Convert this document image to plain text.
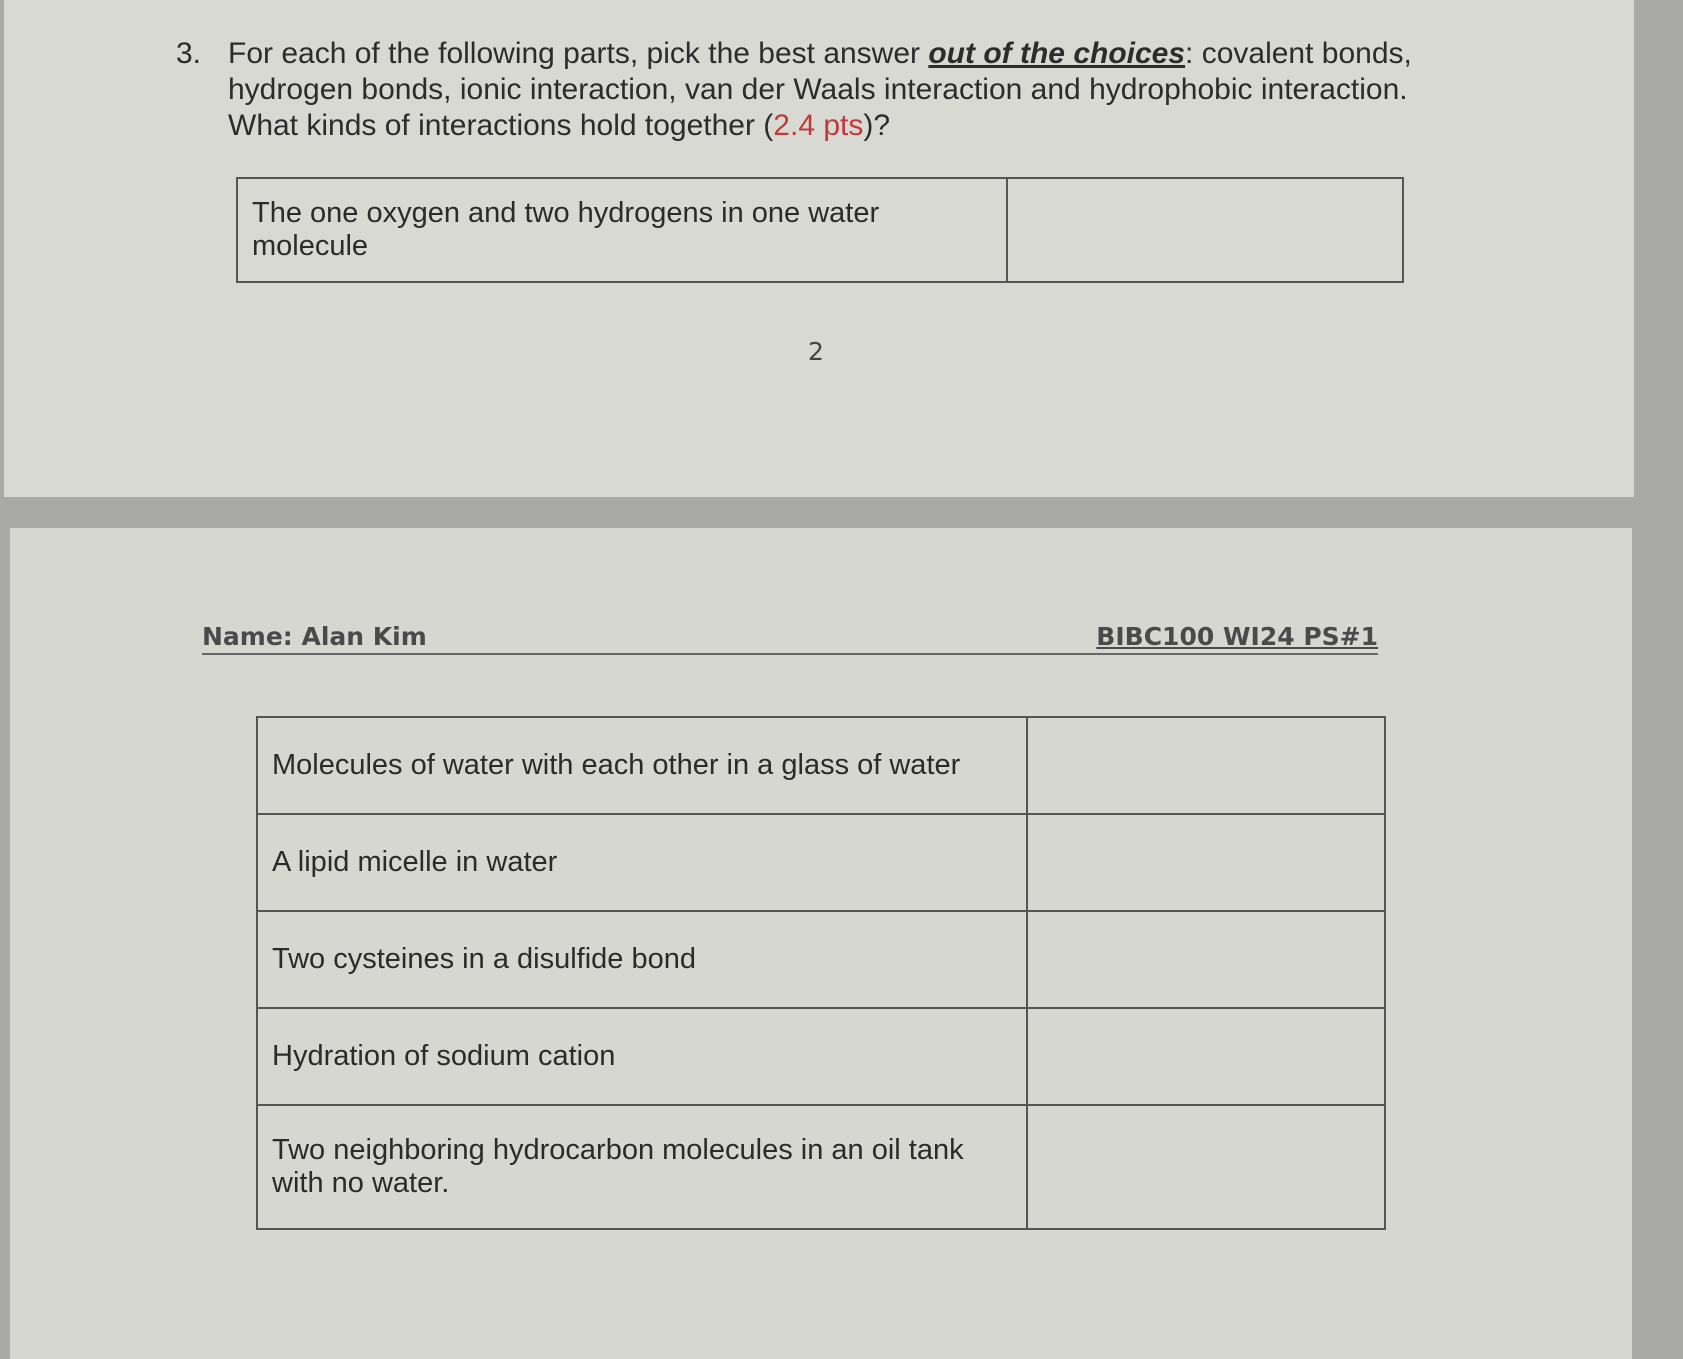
3. For each of the following parts, pick the best answer out of the choices: covalent bonds, hydrogen bonds, ionic interaction, van der Waals interaction and hydrophobic interaction. What kinds of interactions hold together (2.4 pts)?
The one oxygen and two hydrogens in one water molecule	
2
Name: Alan Kim	BIBC100 WI24 PS#1
Molecules of water with each other in a glass of water	
A lipid micelle in water	
Two cysteines in a disulfide bond	
Hydration of sodium cation	
Two neighboring hydrocarbon molecules in an oil tank with no water.	
